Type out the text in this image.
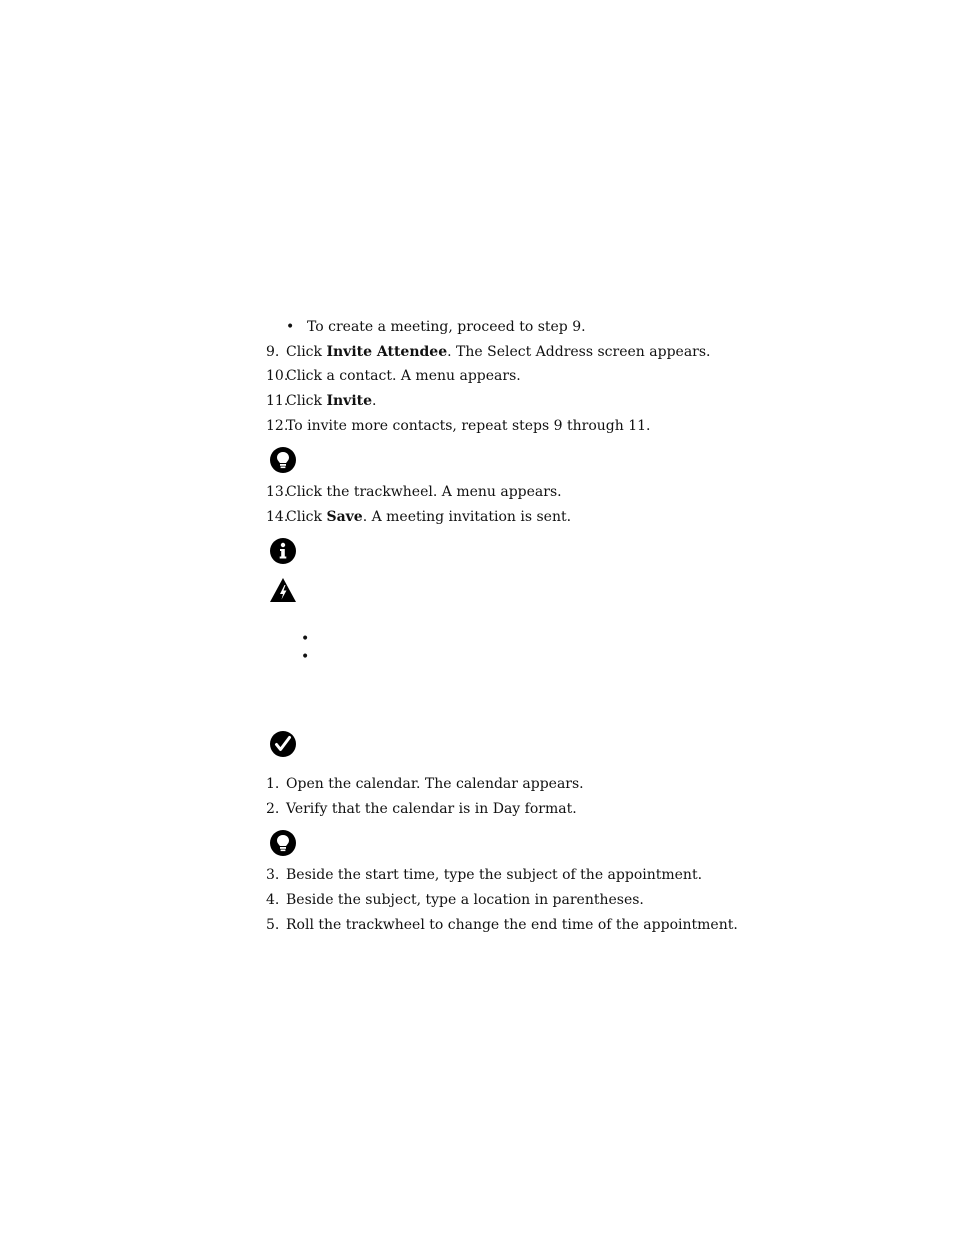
• To create a meeting, proceed to step 9.
9. Click Invite Attendee. The Select Address screen appears.
10.
Click a contact. A menu appears.
11.
Click Invite.
12.
To invite more contacts, repeat steps 9 through 11.
13.
Click the trackwheel. A menu appears.
14.
Click Save. A meeting invitation is sent.
•
•
1. Open the calendar. The calendar appears.
2. Verify that the calendar is in Day format.
3. Beside the start time, type the subject of the appointment.
4. Beside the subject, type a location in parentheses.
5. Roll the trackwheel to change the end time of the appointment.
